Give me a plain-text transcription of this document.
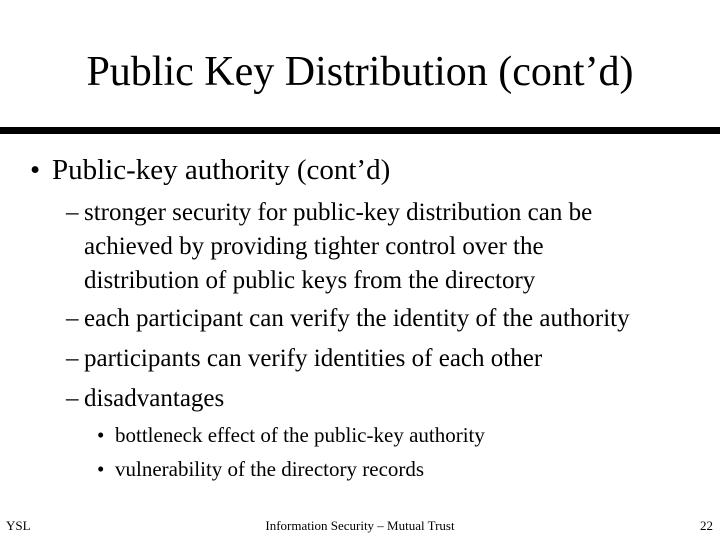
Public Key Distribution (cont’d)
• Public-key authority (cont’d)
– stronger security for public-key distribution can be
achieved by providing tighter control over the
distribution of public keys from the directory
– each participant can verify the identity of the authority
– participants can verify identities of each other
– disadvantages
• bottleneck effect of the public-key authority
• vulnerability of the directory records
YSL	Information Security – Mutual Trust	22
